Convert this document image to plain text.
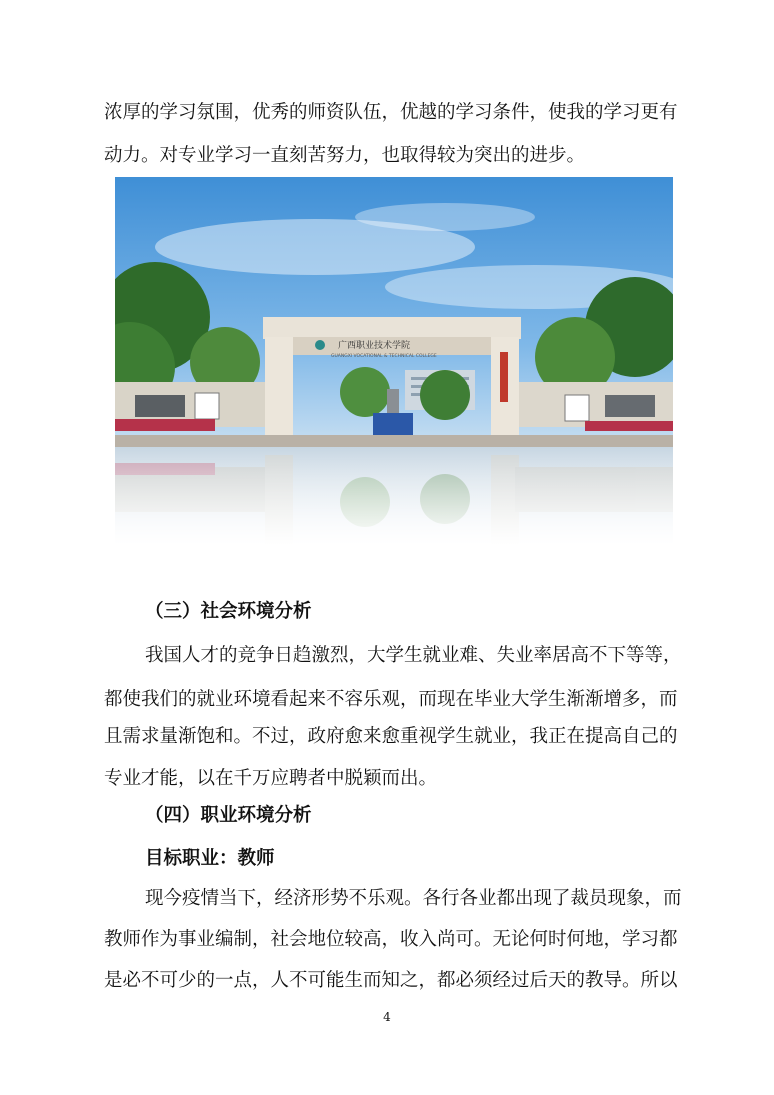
浓厚的学习氛围，优秀的师资队伍，优越的学习条件，使我的学习更有
动力。对专业学习一直刻苦努力，也取得较为突出的进步。
广西职业技术学院
GUANGXI VOCATIONAL & TECHNICAL COLLEGE
（三）社会环境分析
我国人才的竞争日趋激烈，大学生就业难、失业率居高不下等等，
都使我们的就业环境看起来不容乐观，而现在毕业大学生渐渐增多，而
且需求量渐饱和。不过，政府愈来愈重视学生就业，我正在提高自己的
专业才能，以在千万应聘者中脱颖而出。
（四）职业环境分析
目标职业：教师
现今疫情当下，经济形势不乐观。各行各业都出现了裁员现象，而
教师作为事业编制，社会地位较高，收入尚可。无论何时何地，学习都
是必不可少的一点，人不可能生而知之，都必须经过后天的教导。所以
4
